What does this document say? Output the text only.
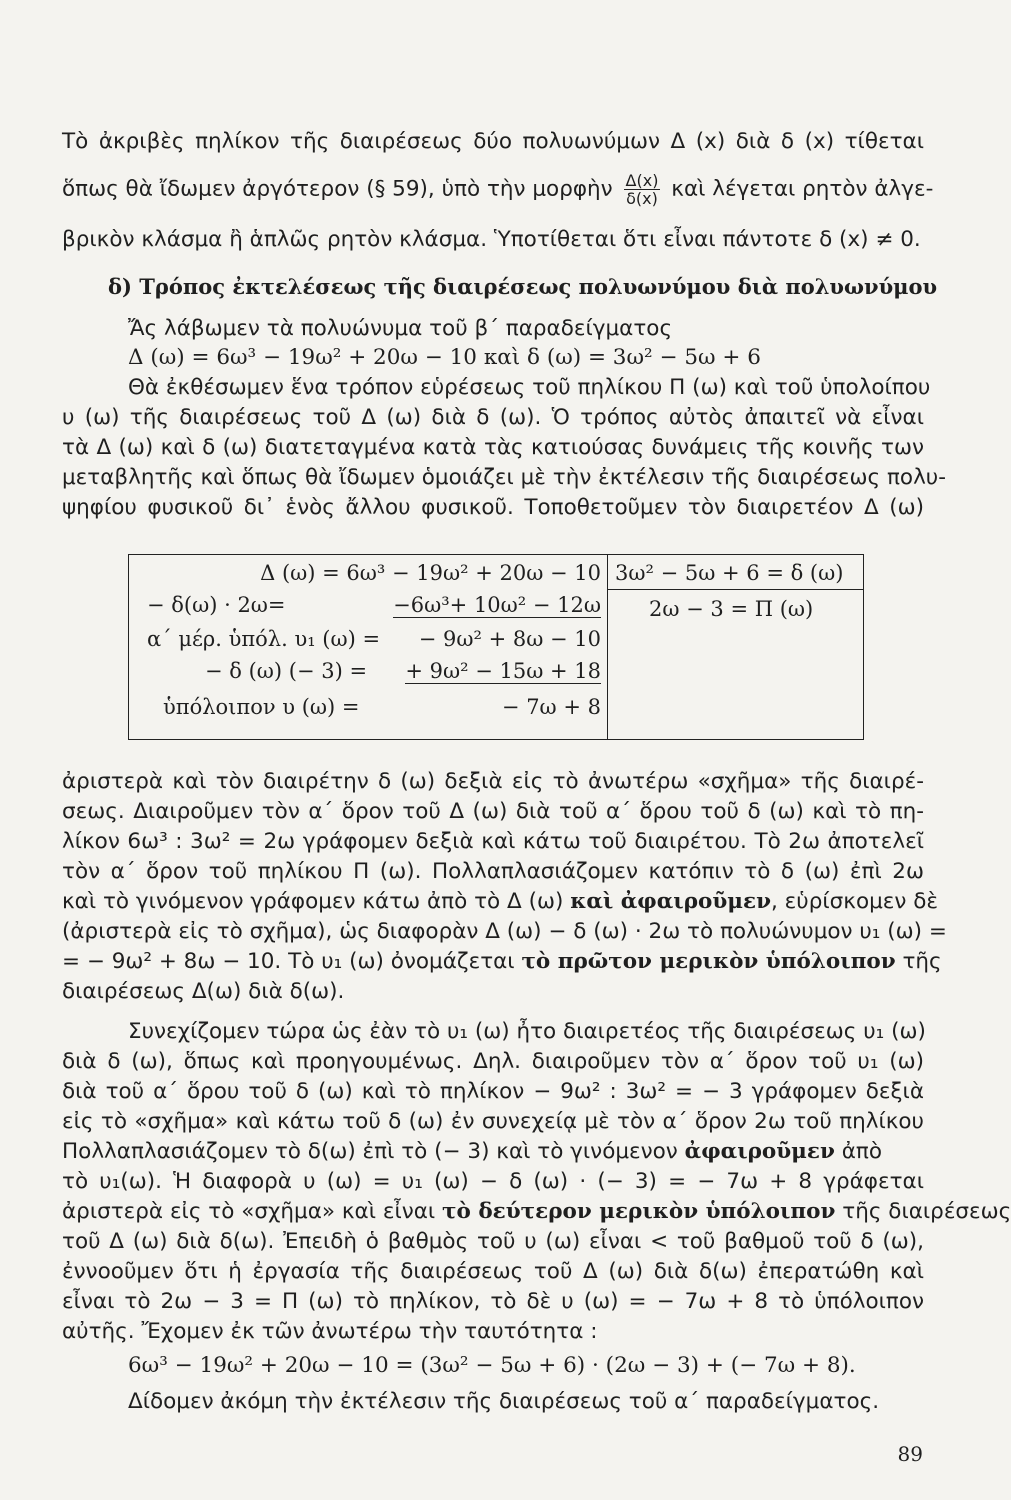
Τὸ ἀκριβὲς πηλίκον τῆς διαιρέσεως δύο πολυωνύμων Δ (x) διὰ δ (x) τίθεται
ὅπως θὰ ἴδωμεν ἀργότερον (§ 59), ὑπὸ τὴν μορφὴν $\frac{\Delta(x)}{\delta(x)}$ καὶ λέγεται ρητὸν ἀλγε-
βρικὸν κλάσμα ἢ ἁπλῶς ρητὸν κλάσμα. Ὑποτίθεται ὅτι εἶναι πάντοτε δ (x) ≠ 0.
δ) Τρόπος ἐκτελέσεως τῆς διαιρέσεως πολυωνύμου διὰ πολυωνύμου
Ἄς λάβωμεν τὰ πολυώνυμα τοῦ β΄ παραδείγματος
Δ (ω) = 6ω³ − 19ω² + 20ω − 10 καὶ δ (ω) = 3ω² − 5ω + 6
Θὰ ἐκθέσωμεν ἕνα τρόπον εὑρέσεως τοῦ πηλίκου Π (ω) καὶ τοῦ ὑπολοίπου
υ (ω) τῆς διαιρέσεως τοῦ Δ (ω) διὰ δ (ω). Ὁ τρόπος αὐτὸς ἀπαιτεῖ νὰ εἶναι
τὰ Δ (ω) καὶ δ (ω) διατεταγμένα κατὰ τὰς κατιούσας δυνάμεις τῆς κοινῆς των
μεταβλητῆς καὶ ὅπως θὰ ἴδωμεν ὁμοιάζει μὲ τὴν ἐκτέλεσιν τῆς διαιρέσεως πολυ-
ψηφίου φυσικοῦ δι᾽ ἑνὸς ἄλλου φυσικοῦ. Τοποθετοῦμεν τὸν διαιρετέον Δ (ω)
Δ (ω) = 6ω³ − 19ω² + 20ω − 10
− δ(ω) · 2ω=	−6ω³+ 10ω² − 12ω
α΄ μέρ. ὑπόλ. υ₁ (ω) = − 9ω² + 8ω − 10
− δ (ω) (− 3) = + 9ω² − 15ω + 18
ὑπόλοιπον υ (ω) =	− 7ω + 8
3ω² − 5ω + 6 = δ (ω)
2ω − 3 = Π (ω)
ἀριστερὰ καὶ τὸν διαιρέτην δ (ω) δεξιὰ εἰς τὸ ἀνωτέρω «σχῆμα» τῆς διαιρέ-
σεως. Διαιροῦμεν τὸν α΄ ὅρον τοῦ Δ (ω) διὰ τοῦ α΄ ὅρου τοῦ δ (ω) καὶ τὸ πη-
λίκον 6ω³ : 3ω² = 2ω γράφομεν δεξιὰ καὶ κάτω τοῦ διαιρέτου. Τὸ 2ω ἀποτελεῖ
τὸν α΄ ὅρον τοῦ πηλίκου Π (ω). Πολλαπλασιάζομεν κατόπιν τὸ δ (ω) ἐπὶ 2ω
καὶ τὸ γινόμενον γράφομεν κάτω ἀπὸ τὸ Δ (ω) καὶ ἀφαιροῦμεν, εὑρίσκομεν δὲ
(ἀριστερὰ εἰς τὸ σχῆμα), ὡς διαφορὰν Δ (ω) − δ (ω) · 2ω τὸ πολυώνυμον υ₁ (ω) =
= − 9ω² + 8ω − 10. Τὸ υ₁ (ω) ὀνομάζεται τὸ πρῶτον μερικὸν ὑπόλοιπον τῆς
διαιρέσεως Δ(ω) διὰ δ(ω).
Συνεχίζομεν τώρα ὡς ἐὰν τὸ υ₁ (ω) ἦτο διαιρετέος τῆς διαιρέσεως υ₁ (ω)
διὰ δ (ω), ὅπως καὶ προηγουμένως. Δηλ. διαιροῦμεν τὸν α΄ ὅρον τοῦ υ₁ (ω)
διὰ τοῦ α΄ ὅρου τοῦ δ (ω) καὶ τὸ πηλίκον − 9ω² : 3ω² = − 3 γράφομεν δεξιὰ
εἰς τὸ «σχῆμα» καὶ κάτω τοῦ δ (ω) ἐν συνεχείᾳ μὲ τὸν α΄ ὅρον 2ω τοῦ πηλίκου
Πολλαπλασιάζομεν τὸ δ(ω) ἐπὶ τὸ (− 3) καὶ τὸ γινόμενον ἀφαιροῦμεν ἀπὸ
τὸ υ₁(ω). Ἡ διαφορὰ υ (ω) = υ₁ (ω) − δ (ω) · (− 3) = − 7ω + 8 γράφεται
ἀριστερὰ εἰς τὸ «σχῆμα» καὶ εἶναι τὸ δεύτερον μερικὸν ὑπόλοιπον τῆς διαιρέσεως
τοῦ Δ (ω) διὰ δ(ω). Ἐπειδὴ ὁ βαθμὸς τοῦ υ (ω) εἶναι < τοῦ βαθμοῦ τοῦ δ (ω),
ἐννοοῦμεν ὅτι ἡ ἐργασία τῆς διαιρέσεως τοῦ Δ (ω) διὰ δ(ω) ἐπερατώθη καὶ
εἶναι τὸ 2ω − 3 = Π (ω) τὸ πηλίκον, τὸ δὲ υ (ω) = − 7ω + 8 τὸ ὑπόλοιπον
αὐτῆς. Ἔχομεν ἐκ τῶν ἀνωτέρω τὴν ταυτότητα :
6ω³ − 19ω² + 20ω − 10 = (3ω² − 5ω + 6) · (2ω − 3) + (− 7ω + 8).
Δίδομεν ἀκόμη τὴν ἐκτέλεσιν τῆς διαιρέσεως τοῦ α΄ παραδείγματος.
89
